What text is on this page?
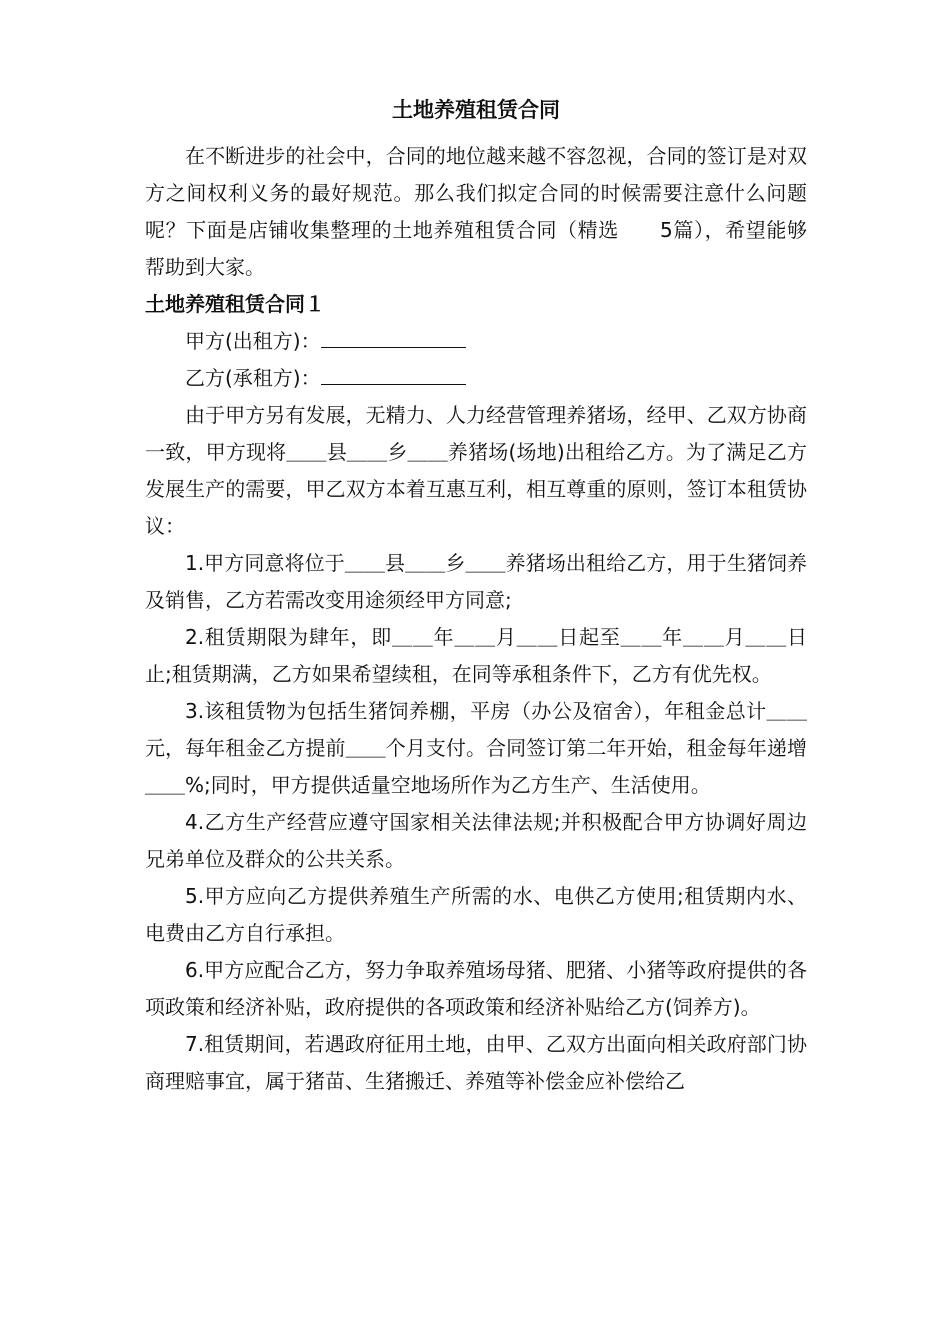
土地养殖租赁合同

在不断进步的社会中，合同的地位越来越不容忽视，合同的签订是对双方之间权利义务的最好规范。那么我们拟定合同的时候需要注意什么问题呢？下面是店铺收集整理的土地养殖租赁合同（精选　　5篇），希望能够帮助到大家。

土地养殖租赁合同１

甲方(出租方)：

乙方(承租方)：

由于甲方另有发展，无精力、人力经营管理养猪场，经甲、乙双方协商一致，甲方现将＿＿县＿＿乡＿＿养猪场(场地)出租给乙方。为了满足乙方发展生产的需要，甲乙双方本着互惠互利，相互尊重的原则，签订本租赁协议：

1.甲方同意将位于＿＿县＿＿乡＿＿养猪场出租给乙方，用于生猪饲养及销售，乙方若需改变用途须经甲方同意;

2.租赁期限为肆年，即＿＿年＿＿月＿＿日起至＿＿年＿＿月＿＿日止;租赁期满，乙方如果希望续租，在同等承租条件下，乙方有优先权。

3.该租赁物为包括生猪饲养棚，平房（办公及宿舍），年租金总计＿＿元，每年租金乙方提前＿＿个月支付。合同签订第二年开始，租金每年递增＿＿%;同时，甲方提供适量空地场所作为乙方生产、生活使用。

4.乙方生产经营应遵守国家相关法律法规;并积极配合甲方协调好周边兄弟单位及群众的公共关系。

5.甲方应向乙方提供养殖生产所需的水、电供乙方使用;租赁期内水、电费由乙方自行承担。

6.甲方应配合乙方，努力争取养殖场母猪、肥猪、小猪等政府提供的各项政策和经济补贴，政府提供的各项政策和经济补贴给乙方(饲养方)。

7.租赁期间，若遇政府征用土地，由甲、乙双方出面向相关政府部门协商理赔事宜，属于猪苗、生猪搬迁、养殖等补偿金应补偿给乙
